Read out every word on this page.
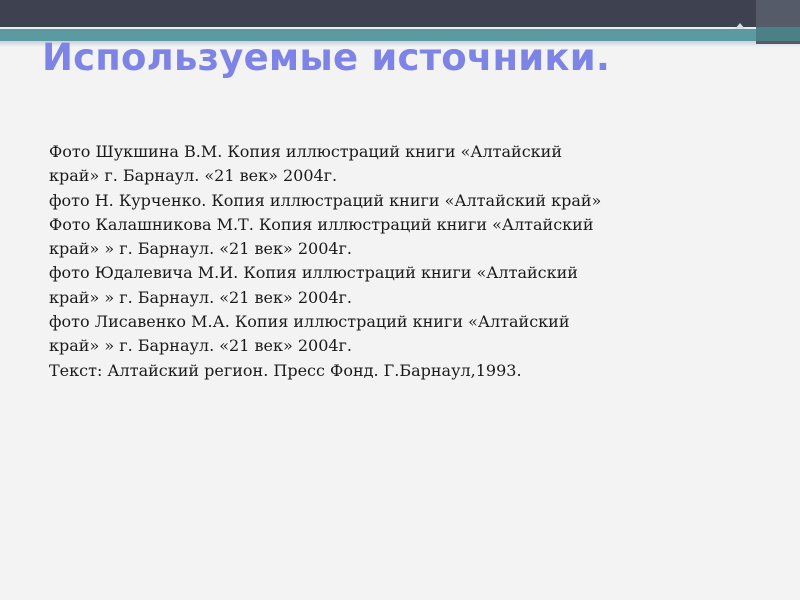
Используемые источники.
Фото Шукшина В.М. Копия иллюстраций книги «Алтайский
край» г. Барнаул. «21 век» 2004г.
фото Н. Курченко. Копия иллюстраций книги «Алтайский край»
Фото Калашникова М.Т. Копия иллюстраций книги «Алтайский
край» » г. Барнаул. «21 век» 2004г.
фото Юдалевича М.И. Копия иллюстраций книги «Алтайский
край» » г. Барнаул. «21 век» 2004г.
фото Лисавенко М.А. Копия иллюстраций книги «Алтайский
край» » г. Барнаул. «21 век» 2004г.
Текст: Алтайский регион. Пресс Фонд. Г.Барнаул,1993.
